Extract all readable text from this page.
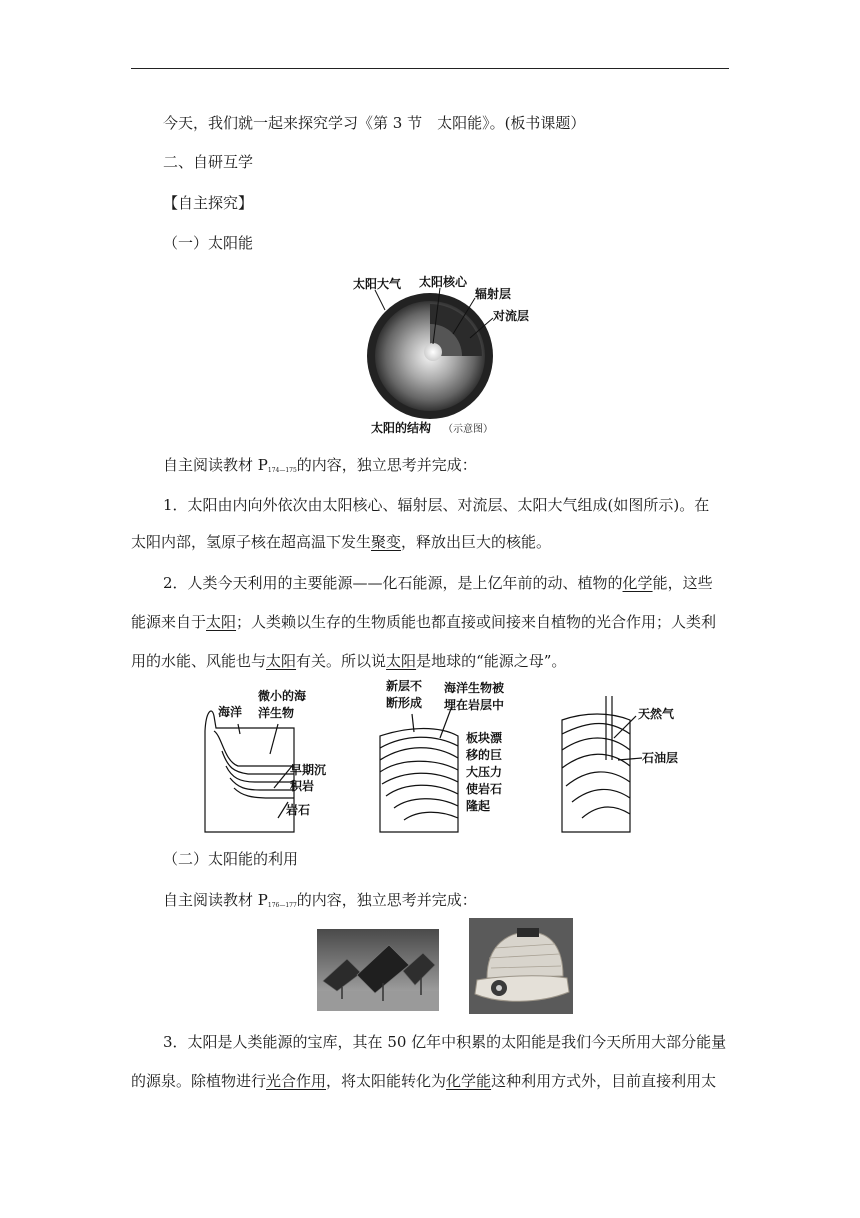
今天，我们就一起来探究学习《第 3 节　太阳能》。(板书课题）
二、自研互学
【自主探究】
（一）太阳能
太阳大气 太阳核心
辐射层
对流层
太阳的结构 （示意图）
自主阅读教材 $P_{174—175}$的内容，独立思考并完成：
1．太阳由内向外依次由太阳核心、辐射层、对流层、太阳大气组成(如图所示)。在
太阳内部，氢原子核在超高温下发生聚变，释放出巨大的核能。
2．人类今天利用的主要能源——化石能源，是上亿年前的动、植物的化学能，这些
能源来自于太阳；人类赖以生存的生物质能也都直接或间接来自植物的光合作用；人类利
用的水能、风能也与太阳有关。所以说太阳是地球的“能源之母”。
海洋
微小的海
洋生物
早期沉
积岩
岩石
新层不
断形成
海洋生物被
埋在岩层中
板块漂
移的巨
大压力
使岩石
隆起
天然气
石油层
（二）太阳能的利用
自主阅读教材 $P_{176—177}$的内容，独立思考并完成：
3．太阳是人类能源的宝库，其在 50 亿年中积累的太阳能是我们今天所用大部分能量
的源泉。除植物进行光合作用，将太阳能转化为化学能这种利用方式外，目前直接利用太
